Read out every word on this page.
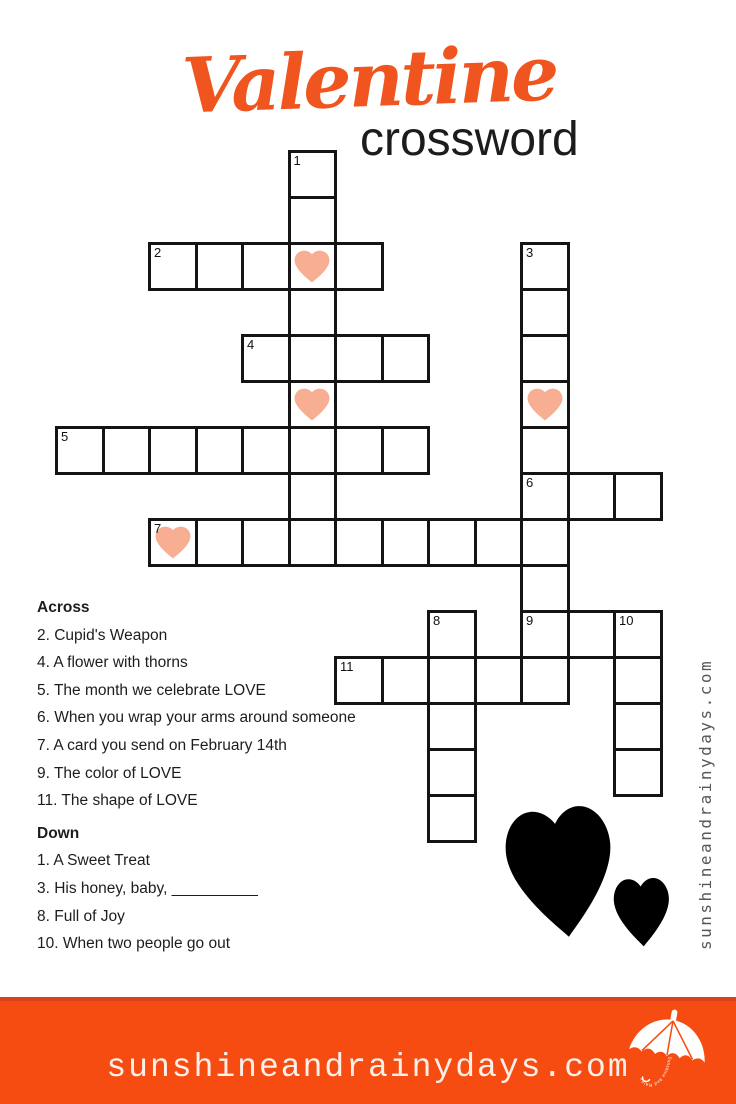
Valentine
crossword
1
2	3
6
9
4
5
7
8	10
11
Across
2. Cupid's Weapon
4. A flower with thorns
5. The month we celebrate LOVE
6. When you wrap your arms around someone
7. A card you send on February 14th
9. The color of LOVE
11. The shape of LOVE
Down
1. A Sweet Treat
3. His honey, baby, __________
8. Full of Joy
10. When two people go out	sunshineandrainydays.com
sunshineandrainydays.com	Sunshine And Rainy Days
